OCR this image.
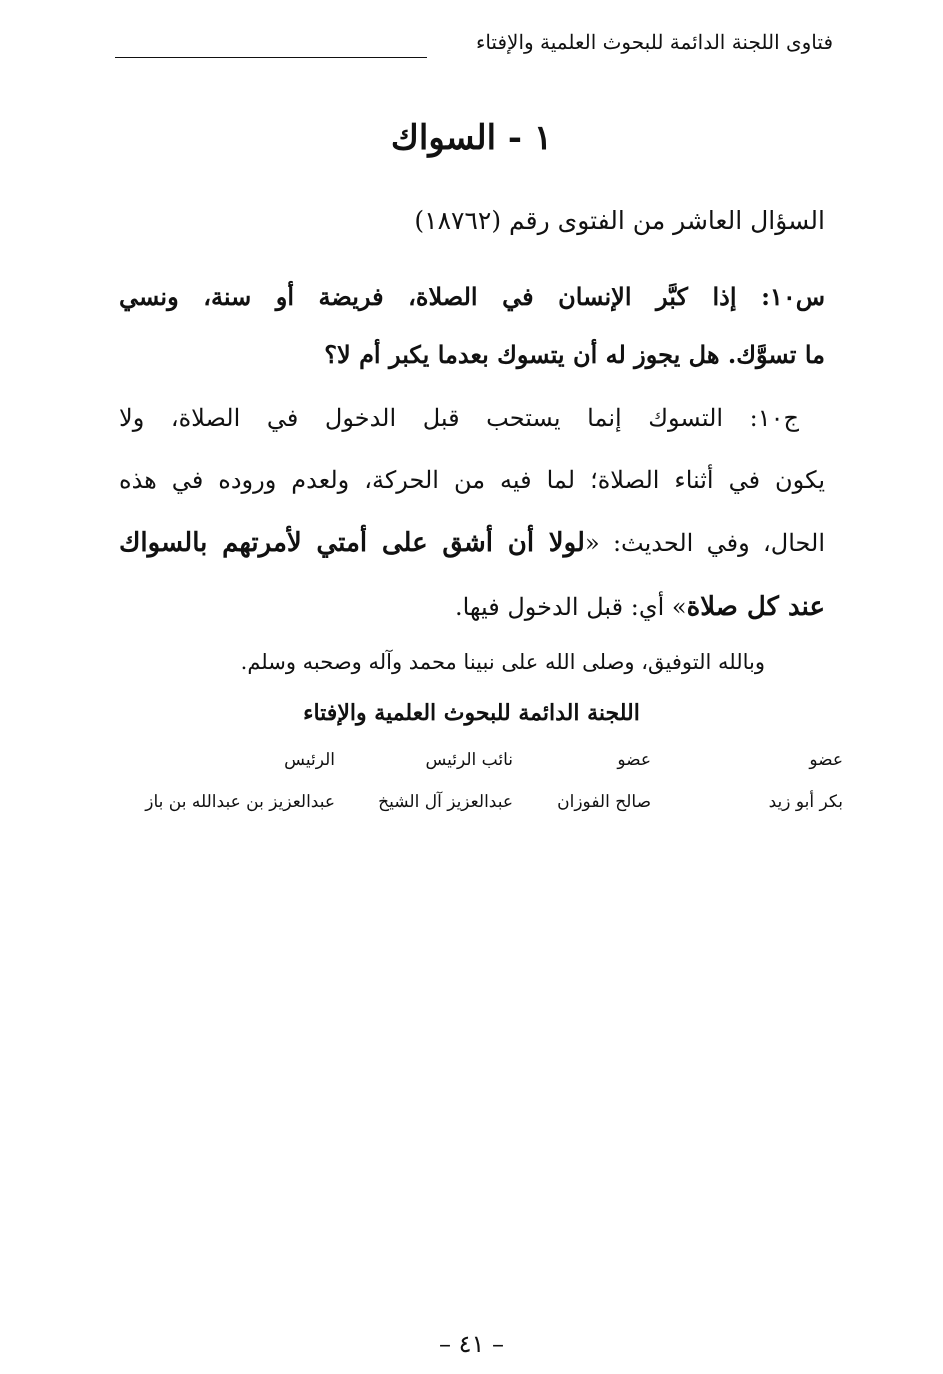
فتاوى اللجنة الدائمة للبحوث العلمية والإفتاء
١ - السواك
السؤال العاشر من الفتوى رقم (١٨٧٦٢)
س١٠: إذا كبَّر الإنسان في الصلاة، فريضة أو سنة، ونسي
ما تسوَّك. هل يجوز له أن يتسوك بعدما يكبر أم لا؟
ج١٠: التسوك إنما يستحب قبل الدخول في الصلاة، ولا
يكون في أثناء الصلاة؛ لما فيه من الحركة، ولعدم وروده في هذه
الحال، وفي الحديث: «لولا أن أشق على أمتي لأمرتهم بالسواك
عند كل صلاة» أي: قبل الدخول فيها.
وبالله التوفيق، وصلى الله على نبينا محمد وآله وصحبه وسلم.
اللجنة الدائمة للبحوث العلمية والإفتاء
عضو
عضو
نائب الرئيس
الرئيس
بكر أبو زيد
صالح الفوزان
عبدالعزيز آل الشيخ
عبدالعزيز بن عبدالله بن باز
– ٤١ –
